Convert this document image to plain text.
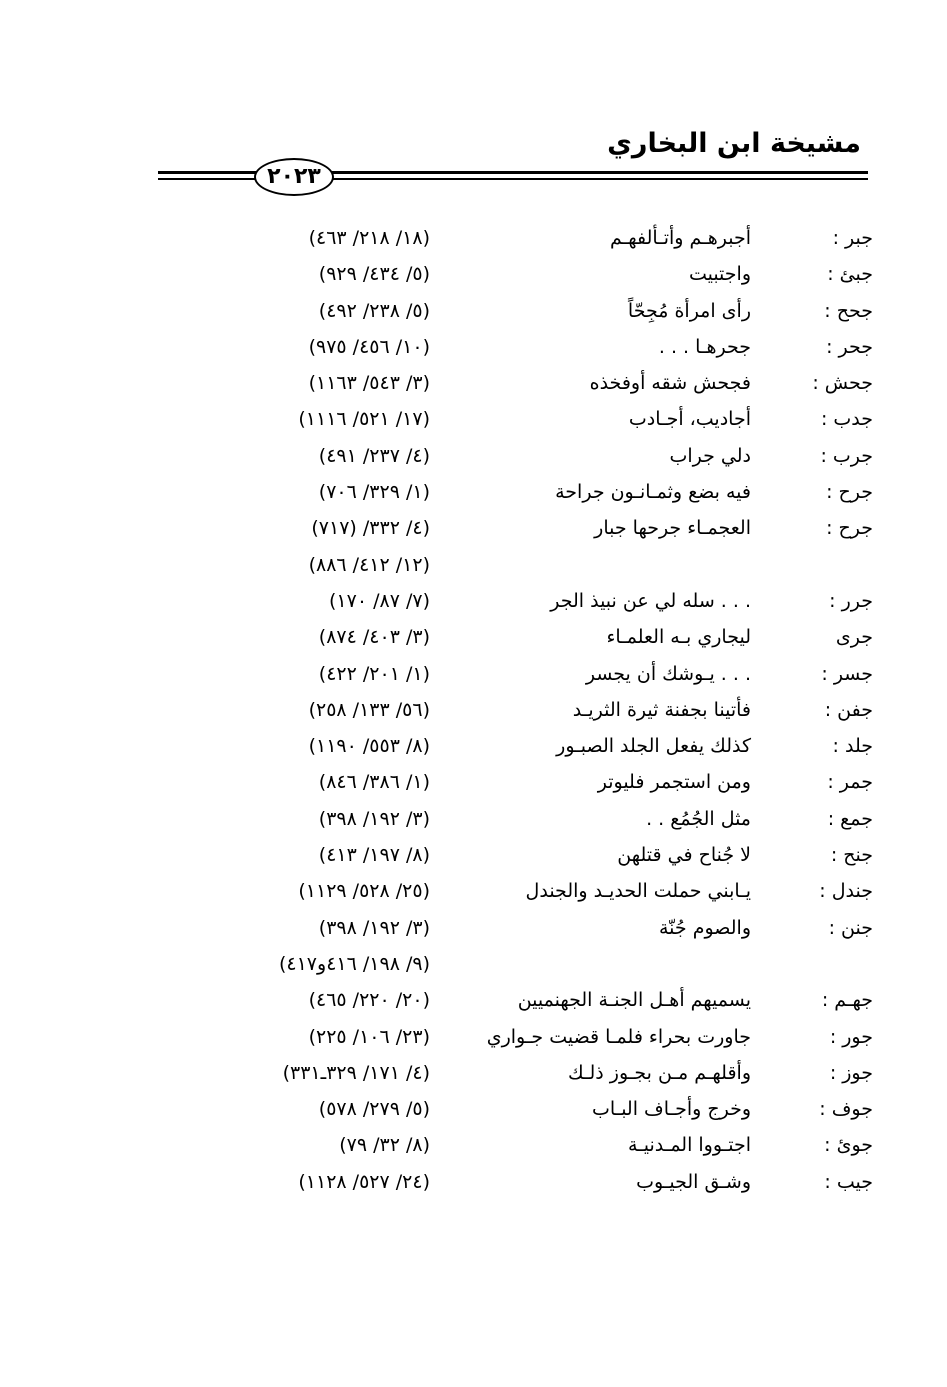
مشيخة ابن البخاري
٢٠٢٣
جبر :
أجبرهـم وأتـألفهـم
(١٨/ ٢١٨/ ٤٦٣)
جبئ :
واجتبيت
(٥/ ٤٣٤/ ٩٢٩)
جحح :
رأى امرأة مُجِحّاً
(٥/ ٢٣٨/ ٤٩٢)
جحر :
جحرهـا . . .
(١٠/ ٤٥٦/ ٩٧٥)
جحش :
فجحش شقه أوفخذه
(٣/ ٥٤٣/ ١١٦٣)
جدب :
أجاديب، أجـادب
(١٧/ ٥٢١/ ١١١٦)
جرب :
دلي جراب
(٤/ ٢٣٧/ ٤٩١)
جرح :
فيه بضع وثمـانـون جراحة
(١/ ٣٢٩/ ٧٠٦)
جرح :
العجمـاء جرحها جبار
(٤/ ٣٣٢/ (٧١٧)
(١٢/ ٤١٢/ ٨٨٦)
جرر :
. . . سله لي عن نبيذ الجر
(٧/ ٨٧/ ١٧٠)
جرى
ليجاري بـه العلمـاء
(٣/ ٤٠٣/ ٨٧٤)
جسر :
. . . يـوشك أن يجسر
(١/ ٢٠١/ ٤٢٢)
جفن :
فأتينا بجفنة ثيرة الثريـد
(٥٦/ ١٣٣/ ٢٥٨)
جلد :
كذلك يفعل الجلد الصبـور
(٨/ ٥٥٣/ ١١٩٠)
جمر :
ومن استجمر فليوتر
(١/ ٣٨٦/ ٨٤٦)
جمع :
مثل الجُمُع . .
(٣/ ١٩٢/ ٣٩٨)
جنح :
لا جُناح في قتلهن
(٨/ ١٩٧/ ٤١٣)
جندل :
يـابني حملت الحديـد والجندل
(٢٥/ ٥٢٨/ ١١٢٩)
جنن :
والصوم جُنّة
(٣/ ١٩٢/ ٣٩٨)
(٩/ ١٩٨/ ٤١٦و٤١٧)
جهـم :
يسميهم أهـل الجنـة الجهنميين
(٢٠/ ٢٢٠/ ٤٦٥)
جور :
جاورت بحراء فلمـا قضيت جـواري
(٢٣/ ١٠٦/ ٢٢٥)
جوز :
وأقلهـم مـن بجـوز ذلـك
(٤/ ١٧١/ ٣٢٩ـ٣٣١)
جوف :
وخرج وأجـاف البـاب
(٥/ ٢٧٩/ ٥٧٨)
جوئ :
اجتـووا المـدنيـة
(٨/ ٣٢/ ٧٩)
جيب :
وشـق الجيـوب
(٢٤/ ٥٢٧/ ١١٢٨)
